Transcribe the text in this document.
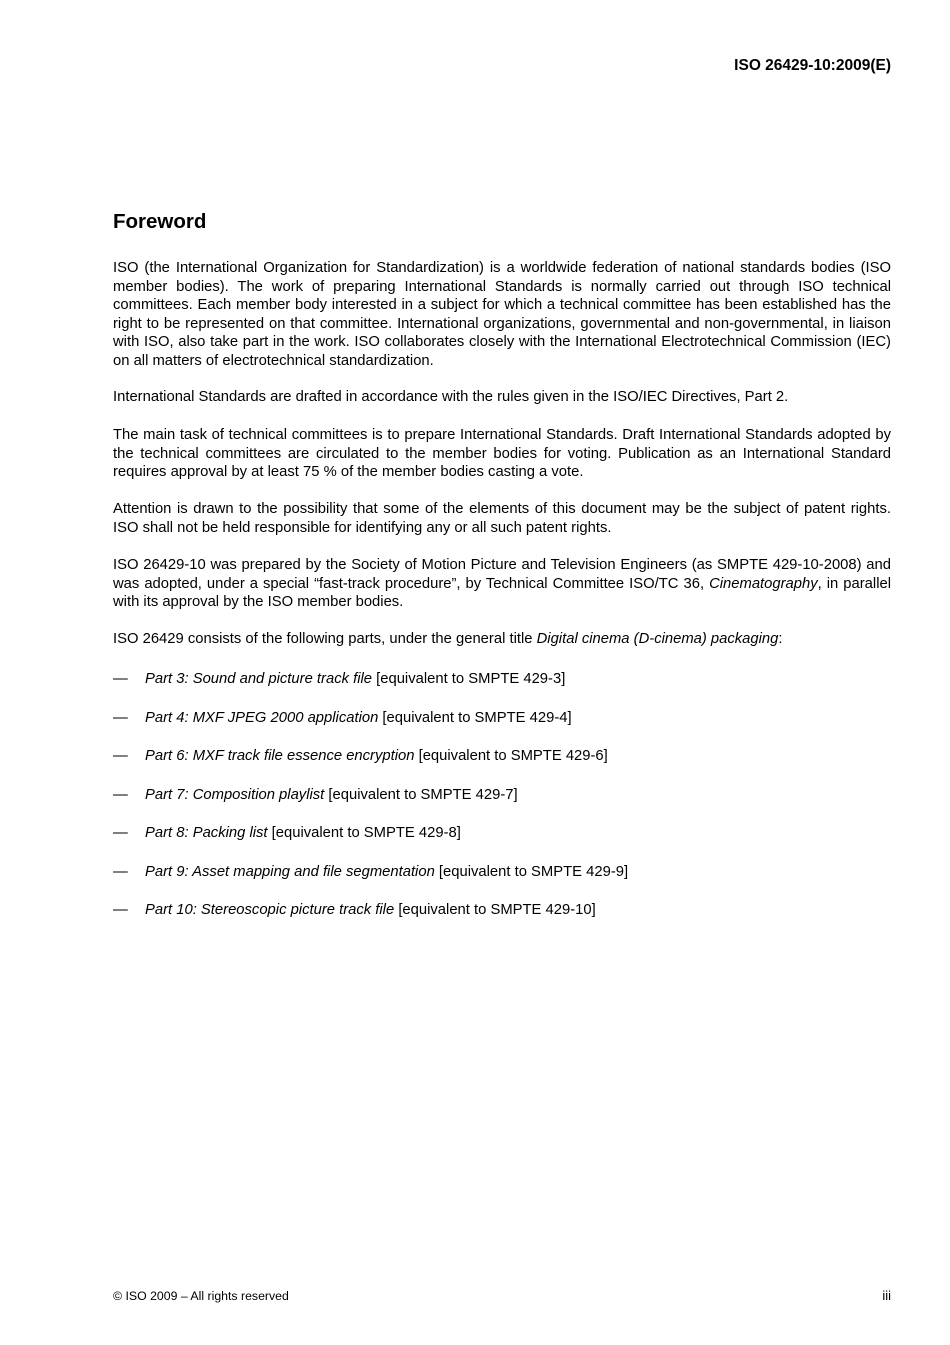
ISO 26429-10:2009(E)
Foreword

ISO (the International Organization for Standardization) is a worldwide federation of national standards bodies (ISO member bodies). The work of preparing International Standards is normally carried out through ISO technical committees. Each member body interested in a subject for which a technical committee has been established has the right to be represented on that committee. International organizations, governmental and non-governmental, in liaison with ISO, also take part in the work. ISO collaborates closely with the International Electrotechnical Commission (IEC) on all matters of electrotechnical standardization.

International Standards are drafted in accordance with the rules given in the ISO/IEC Directives, Part 2.

The main task of technical committees is to prepare International Standards. Draft International Standards adopted by the technical committees are circulated to the member bodies for voting. Publication as an International Standard requires approval by at least 75 % of the member bodies casting a vote.

Attention is drawn to the possibility that some of the elements of this document may be the subject of patent rights. ISO shall not be held responsible for identifying any or all such patent rights.

ISO 26429-10 was prepared by the Society of Motion Picture and Television Engineers (as SMPTE 429-10-2008) and was adopted, under a special “fast-track procedure”, by Technical Committee ISO/TC 36, Cinematography, in parallel with its approval by the ISO member bodies.

ISO 26429 consists of the following parts, under the general title Digital cinema (D-cinema) packaging:

— Part 3: Sound and picture track file [equivalent to SMPTE 429-3]
— Part 4: MXF JPEG 2000 application [equivalent to SMPTE 429-4]
— Part 6: MXF track file essence encryption [equivalent to SMPTE 429-6]
— Part 7: Composition playlist [equivalent to SMPTE 429-7]
— Part 8: Packing list [equivalent to SMPTE 429-8]
— Part 9: Asset mapping and file segmentation [equivalent to SMPTE 429-9]
— Part 10: Stereoscopic picture track file [equivalent to SMPTE 429-10]
© ISO 2009 – All rights reserved	iii
